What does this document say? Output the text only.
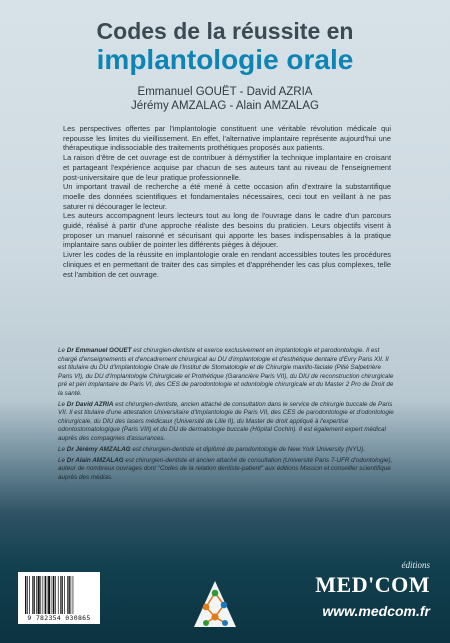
Codes de la réussite en
implantologie orale
Emmanuel GOUËT - David AZRIA
Jérémy AMZALAG - Alain AMZALAG

Les perspectives offertes par l'implantologie constituent une véritable révolution médicale qui repousse les limites du vieillissement. En effet, l'alternative implantaire représente aujourd'hui une thérapeutique indissociable des traitements prothétiques proposés aux patients.

La raison d'être de cet ouvrage est de contribuer à démystifier la technique implantaire en croisant et partageant l'expérience acquise par chacun de ses auteurs tant au niveau de l'enseignement post-universitaire que de leur pratique professionnelle.

Un important travail de recherche a été mené à cette occasion afin d'extraire la substantifique moelle des données scientifiques et fondamentales nécessaires, ceci tout en veillant à ne pas saturer ni décourager le lecteur.

Les auteurs accompagnent leurs lecteurs tout au long de l'ouvrage dans le cadre d'un parcours guidé, réalisé à partir d'une approche réaliste des besoins du praticien. Leurs objectifs visent à proposer un manuel raisonné et sécurisant qui apporte les bases indispensables à la pratique implantaire sans oublier de pointer les différents pièges à déjouer.

Livrer les codes de la réussite en implantologie orale en rendant accessibles toutes les procédures cliniques et en permettant de traiter des cas simples et d'appréhender les cas plus complexes, telle est l'ambition de cet ouvrage.

Le Dr Emmanuel GOUET est chirurgien-dentiste et exerce exclusivement en implantologie et parodontologie. Il est chargé d'enseignements et d'encadrement chirurgical au DU d'implantologie et d'esthétique dentaire d'Evry Paris XII. Il est titulaire du DU d'Implantologie Orale de l'Institut de Stomatologie et de Chirurgie maxillo-faciale (Pitié Salpetrière Paris VI), du DU d'Implantologie Chirurgicale et Prothétique (Garancière Paris VII), du DIU de reconstruction chirurgicale pré et péri implantaire de Paris VI, des CES de parodontologie et odontologie chirurgicale et du Master 2 Pro de Droit de la santé.

Le Dr David AZRIA est chirurgien-dentiste, ancien attaché de consultation dans le service de chirurgie buccale de Paris VII. Il est titulaire d'une attestation Universitaire d'Implantologie de Paris VII, des CES de parodontologie et d'odontologie chirurgicale, du DIU des lasers médicaux (Université de Lille II), du Master de droit appliqué à l'expertise odontostomatologique (Paris VIII) et du DU de dermatologie buccale (Hôpital Cochin). Il est également expert médical auprès des compagnies d'assurances.

Le Dr Jérémy AMZALAG est chirurgien-dentiste et diplômé de parodontologie de New York University (NYU).

Le Dr Alain AMZALAG est chirurgien-dentiste et ancien attaché de consultation (Université Paris 7-UFR d'odontologie), auteur de nombreux ouvrages dont "Codes de la relation dentiste-patient" aux éditions Masson et conseiller scientifique auprès des médias.

9 782354 030865
éditions
MED'COM
www.medcom.fr
